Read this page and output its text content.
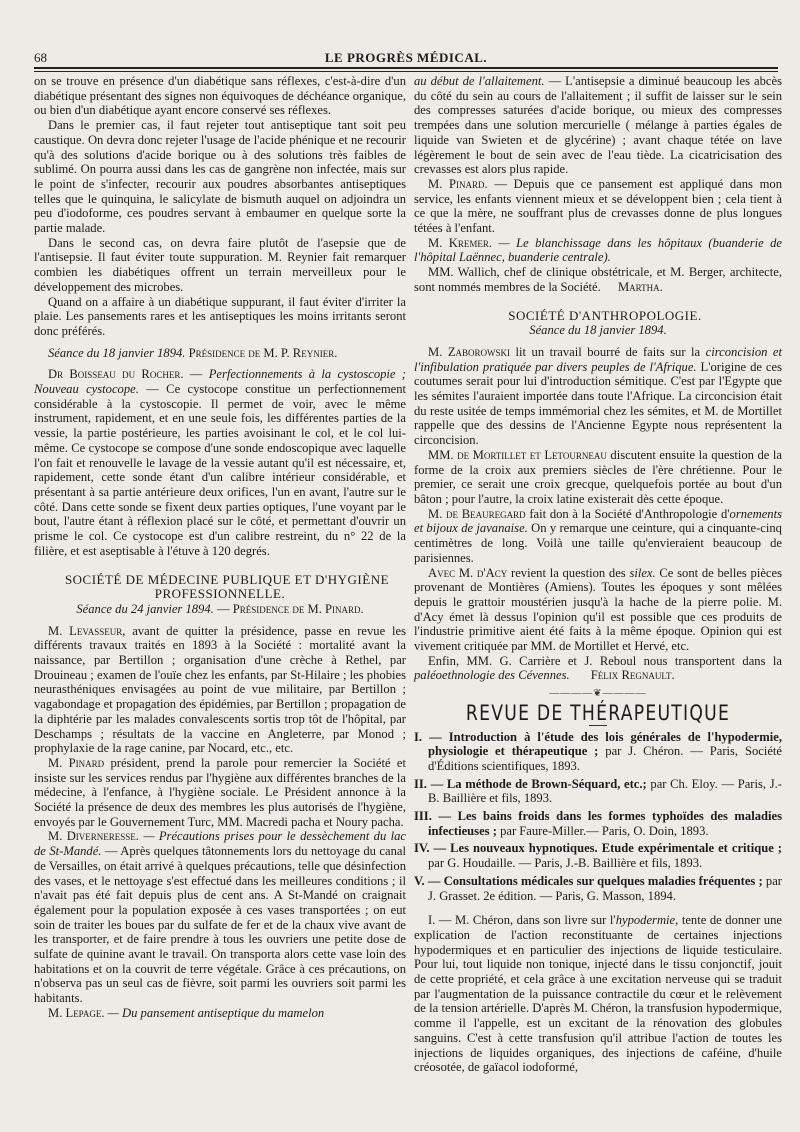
68	LE PROGRÈS MÉDICAL.

on se trouve en présence d'un diabétique sans réflexes, c'est-à-dire d'un diabétique présentant des signes non équivoques de déchéance organique, ou bien d'un diabétique ayant encore conservé ses réflexes.

Dans le premier cas, il faut rejeter tout antiseptique tant soit peu caustique. On devra donc rejeter l'usage de l'acide phénique et ne recourir qu'à des solutions d'acide borique ou à des solutions très faibles de sublimé. On pourra aussi dans les cas de gangrène non infectée, mais sur le point de s'infecter, recourir aux poudres absorbantes antiseptiques telles que le quinquina, le salicylate de bismuth auquel on adjoindra un peu d'iodoforme, ces poudres servant à embaumer en quelque sorte la partie malade.

Dans le second cas, on devra faire plutôt de l'asepsie que de l'antisepsie. Il faut éviter toute suppuration. M. Reynier fait remarquer combien les diabétiques offrent un terrain merveilleux pour le développement des microbes.

Quand on a affaire à un diabétique suppurant, il faut éviter d'irriter la plaie. Les pansements rares et les antiseptiques les moins irritants seront donc préférés.

Séance du 18 janvier 1894. Présidence de M. P. Reynier.

Dr Boisseau du Rocher. — Perfectionnements à la cystoscopie ; Nouveau cystocope. — Ce cystocope constitue un perfectionnement considérable à la cystoscopie. Il permet de voir, avec le même instrument, rapidement, et en une seule fois, les différentes parties de la vessie, la partie postérieure, les parties avoisinant le col, et le col lui-même. Ce cystocope se compose d'une sonde endoscopique avec laquelle l'on fait et renouvelle le lavage de la vessie autant qu'il est nécessaire, et, rapidement, cette sonde étant d'un calibre intérieur considérable, et présentant à sa partie antérieure deux orifices, l'un en avant, l'autre sur le côté. Dans cette sonde se fixent deux parties optiques, l'une voyant par le bout, l'autre étant à réflexion placé sur le côté, et permettant d'ouvrir un prisme le col. Ce cystocope est d'un calibre restreint, du n° 22 de la filière, et est aseptisable à l'étuve à 120 degrés.

SOCIÉTÉ DE MÉDECINE PUBLIQUE ET D'HYGIÈNE PROFESSIONNELLE.

Séance du 24 janvier 1894. — Présidence de M. Pinard.

M. Levasseur, avant de quitter la présidence, passe en revue les différents travaux traités en 1893 à la Société : mortalité avant la naissance, par Bertillon ; organisation d'une crèche à Rethel, par Drouineau ; examen de l'ouïe chez les enfants, par St-Hilaire ; les phobies neurasthéniques envisagées au point de vue militaire, par Bertillon ; vagabondage et propagation des épidémies, par Bertillon ; propagation de la diphtérie par les malades convalescents sortis trop tôt de l'hôpital, par Deschamps ; résultats de la vaccine en Angleterre, par Monod ; prophylaxie de la rage canine, par Nocard, etc., etc.

M. Pinard président, prend la parole pour remercier la Société et insiste sur les services rendus par l'hygiène aux différentes branches de la médecine, à l'enfance, à l'hygiène sociale. Le Président annonce à la Société la présence de deux des membres les plus autorisés de l'hygiène, envoyés par le Gouvernement Turc, MM. Macredi pacha et Noury pacha.

M. Diverneresse. — Précautions prises pour le dessèchement du lac de St-Mandé. — Après quelques tâtonnements lors du nettoyage du canal de Versailles, on était arrivé à quelques précautions, telle que désinfection des vases, et le nettoyage s'est effectué dans les meilleures conditions ; il n'avait pas été fait depuis plus de cent ans. A St-Mandé on craignait également pour la population exposée à ces vases transportées ; on eut soin de traiter les boues par du sulfate de fer et de la chaux vive avant de les transporter, et de faire prendre à tous les ouvriers une petite dose de sulfate de quinine avant le travail. On transporta alors cette vase loin des habitations et on la couvrit de terre végétale. Grâce à ces précautions, on n'observa pas un seul cas de fièvre, soit parmi les ouvriers soit parmi les habitants.

M. Lepage. — Du pansement antiseptique du mamelon

au début de l'allaitement. — L'antisepsie a diminué beaucoup les abcès du côté du sein au cours de l'allaitement ; il suffit de laisser sur le sein des compresses saturées d'acide borique, ou mieux des compresses trempées dans une solution mercurielle ( mélange à parties égales de liquide van Swieten et de glycérine) ; avant chaque tétée on lave légèrement le bout de sein avec de l'eau tiède. La cicatricisation des crevasses est alors plus rapide.

M. Pinard. — Depuis que ce pansement est appliqué dans mon service, les enfants viennent mieux et se développent bien ; cela tient à ce que la mère, ne souffrant plus de crevasses donne de plus longues tétées à l'enfant.

M. Kremer. — Le blanchissage dans les hôpitaux (buanderie de l'hôpital Laënnec, buanderie centrale).

MM. Wallich, chef de clinique obstétricale, et M. Berger, architecte, sont nommés membres de la Société. Martha.

SOCIÉTÉ D'ANTHROPOLOGIE.

Séance du 18 janvier 1894.

M. Zaborowski lit un travail bourré de faits sur la circoncision et l'infibulation pratiquée par divers peuples de l'Afrique. L'origine de ces coutumes serait pour lui d'introduction sémitique. C'est par l'Egypte que les sémites l'auraient importée dans toute l'Afrique. La circoncision était du reste usitée de temps immémorial chez les sémites, et M. de Mortillet rappelle que des dessins de l'Ancienne Egypte nous représentent la circoncision.

MM. de Mortillet et Letourneau discutent ensuite la question de la forme de la croix aux premiers siècles de l'ère chrétienne. Pour le premier, ce serait une croix grecque, quelquefois portée au bout d'un bâton ; pour l'autre, la croix latine existerait dès cette époque.

M. de Beauregard fait don à la Société d'Anthropologie d'ornements et bijoux de javanaise. On y remarque une ceinture, qui a cinquante-cinq centimètres de long. Voilà une taille qu'envieraient beaucoup de parisiennes.

Avec M. d'Acy revient la question des silex. Ce sont de belles pièces provenant de Montières (Amiens). Toutes les époques y sont mêlées depuis le grattoir moustérien jusqu'à la hache de la pierre polie. M. d'Acy émet là dessus l'opinion qu'il est possible que ces produits de l'industrie primitive aient été faits à la même époque. Opinion qui est vivement critiquée par MM. de Mortillet et Hervé, etc.

Enfin, MM. G. Carrière et J. Reboul nous transportent dans la paléoethnologie des Cévennes. Félix Regnault.

————❦————
REVUE DE THÉRAPEUTIQUE

I. — Introduction à l'étude des lois générales de l'hypodermie, physiologie et thérapeutique ; par J. Chéron. — Paris, Société d'Éditions scientifiques, 1893.

II. — La méthode de Brown-Séquard, etc.; par Ch. Eloy. — Paris, J.-B. Baillière et fils, 1893.

III. — Les bains froids dans les formes typhoïdes des maladies infectieuses ; par Faure-Miller.— Paris, O. Doin, 1893.

IV. — Les nouveaux hypnotiques. Etude expérimentale et critique ; par G. Houdaille. — Paris, J.-B. Baillière et fils, 1893.

V. — Consultations médicales sur quelques maladies fréquentes ; par J. Grasset. 2e édition. — Paris, G. Masson, 1894.

I. — M. Chéron, dans son livre sur l'hypodermie, tente de donner une explication de l'action reconstituante de certaines injections hypodermiques et en particulier des injections de liquide testiculaire. Pour lui, tout liquide non tonique, injecté dans le tissu conjonctif, jouit de cette propriété, et cela grâce à une excitation nerveuse qui se traduit par l'augmentation de la puissance contractile du cœur et le relèvement de la tension artérielle. D'après M. Chéron, la transfusion hypodermique, comme il l'appelle, est un excitant de la rénovation des globules sanguins. C'est à cette transfusion qu'il attribue l'action de toutes les injections de liquides organiques, des injections de caféine, d'huile créosotée, de gaïacol iodoformé,
